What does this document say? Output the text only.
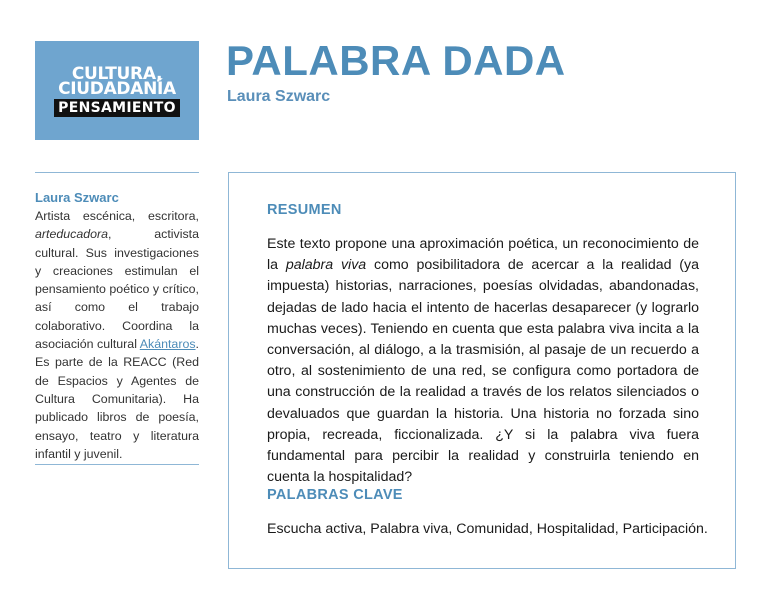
CULTURA,
CIUDADANÍA
PENSAMIENTO
PALABRA DADA
Laura Szwarc
Laura Szwarc
Artista escénica, escritora, arteducadora, activista cultural. Sus investigaciones y creaciones estimulan el pensamiento poético y crítico, así como el trabajo colaborativo. Coordina la asociación cultural Akántaros. Es parte de la REACC (Red de Espacios y Agentes de Cultura Comunitaria). Ha publicado libros de poesía, ensayo, teatro y literatura infantil y juvenil.
RESUMEN
Este texto propone una aproximación poética, un reconocimiento de la palabra viva como posibilitadora de acercar a la realidad (ya impuesta) historias, narraciones, poesías olvidadas, abandonadas, dejadas de lado hacia el intento de hacerlas desaparecer (y lograrlo muchas veces). Teniendo en cuenta que esta palabra viva incita a la conversación, al diálogo, a la trasmisión, al pasaje de un recuerdo a otro, al sostenimiento de una red, se configura como portadora de una construcción de la realidad a través de los relatos silenciados o devaluados que guardan la historia. Una historia no forzada sino propia, recreada, ficcionalizada. ¿Y si la palabra viva fuera fundamental para percibir la realidad y construirla teniendo en cuenta la hospitalidad?
PALABRAS CLAVE
Escucha activa, Palabra viva, Comunidad, Hospitalidad, Participación.
